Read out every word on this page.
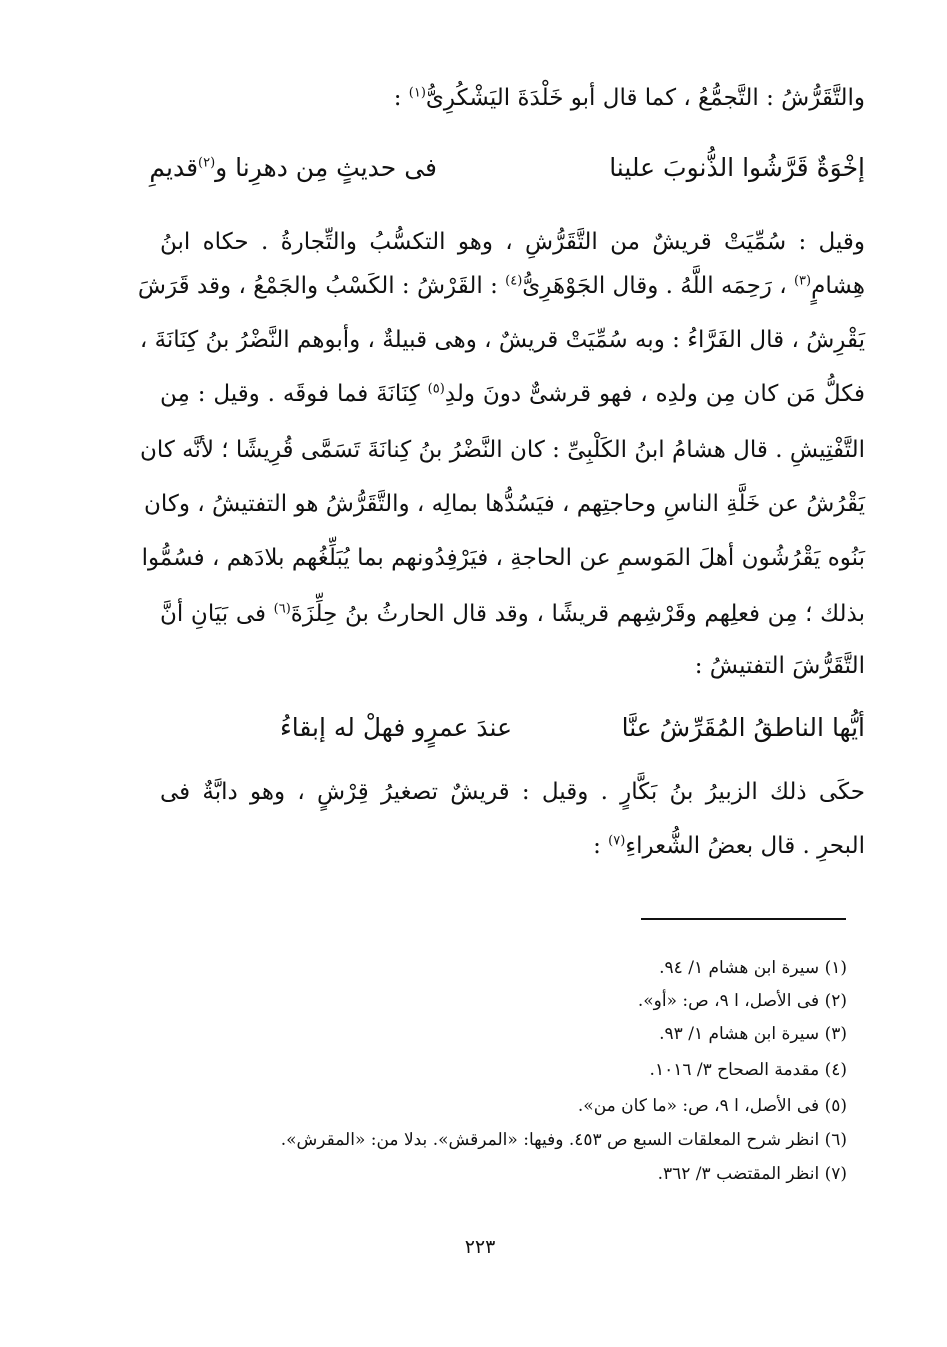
والتَّقَرُّشُ : التَّجمُّعُ ، كما قال أبو خَلْدَةَ اليَشْكُرِىُّ$^{(١)}$ :
إخْوَةٌ قَرَّشُوا الذُّنوبَ علينا
فى حديثٍ مِن دهرِنا و$^{(٢)}$قديمِ
وقيل : سُمِّيَتْ قريشٌ من التَّقَرُّشِ ، وهو التكسُّبُ والتِّجارةُ . حكاه ابنُ
هِشامٍ$^{(٣)}$ ، رَحِمَه اللَّهُ . وقال الجَوْهَرِىُّ$^{(٤)}$ : القَرْشُ : الكَسْبُ والجَمْعُ ، وقد قَرَشَ
يَقْرِشُ ، قال الفَرَّاءُ : وبه سُمِّيَتْ قريشٌ ، وهى قبيلةٌ ، وأبوهم النَّضْرُ بنُ كِنَانَةَ ،
فكلُّ مَن كان مِن ولدِه ، فهو قرشىٌّ دونَ ولدِ$^{(٥)}$ كِنَانَةَ فما فوقَه . وقيل : مِن
التَّفْتِيشِ . قال هشامُ ابنُ الكَلْبِىِّ : كان النَّضْرُ بنُ كِنانَةَ تَسَمَّى قُرِيشًا ؛ لأنَّه كان
يَقْرُشُ عن خَلَّةِ الناسِ وحاجتِهم ، فيَسُدُّها بمالِه ، والتَّقَرُّشُ هو التفتيشُ ، وكان
بَنُوه يَقْرُشُون أهلَ المَوسمِ عن الحاجةِ ، فيَرْفِدُونهم بما يُبَلِّغُهم بلادَهم ، فسُمُّوا
بذلك ؛ مِن فعلِهم وقَرْشِهم قريشًا ، وقد قال الحارثُ بنُ حِلِّزَةَ$^{(٦)}$ فى بَيَانِ أنَّ
التَّقَرُّشَ التفتيشُ :
أيُّها الناطقُ المُقَرِّشُ عنَّا
عندَ عمرٍو فهلْ له إبقاءُ
حكَى ذلك الزبيرُ بنُ بَكَّارٍ . وقيل : قريشٌ تصغيرُ قِرْشٍ ، وهو دابَّةٌ فى
البحرِ . قال بعضُ الشُّعراءِ$^{(٧)}$ :
(١) سيرة ابن هشام ١/ ٩٤.
(٢) فى الأصل، ا ٩، ص: «أو».
(٣) سيرة ابن هشام ١/ ٩٣.
(٤) مقدمة الصحاح ٣/ ١٠١٦.
(٥) فى الأصل، ا ٩، ص: «ما كان من».
(٦) انظر شرح المعلقات السبع ص ٤٥٣. وفيها: «المرقش». بدلا من: «المقرش».
(٧) انظر المقتضب ٣/ ٣٦٢.
٢٢٣
